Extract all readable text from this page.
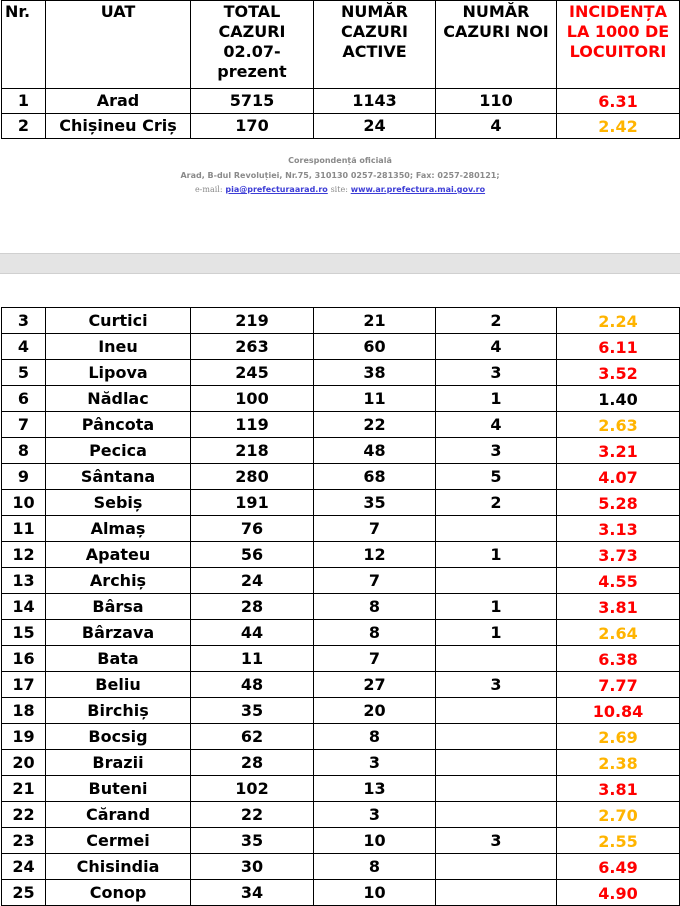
Nr.	UAT	TOTAL CAZURI 02.07-prezent	NUMĂR CAZURI ACTIVE	NUMĂR CAZURI NOI	INCIDENȚA LA 1000 DE LOCUITORI
1	Arad	5715	1143	110	6.31
2	Chișineu Criș	170	24	4	2.42
Corespondență oficială
Arad, B-dul Revoluției, Nr.75, 310130 0257-281350; Fax: 0257-280121;
e-mail: pia@prefecturaarad.ro site: www.ar.prefectura.mai.gov.ro
3	Curtici	219	21	2	2.24
4	Ineu	263	60	4	6.11
5	Lipova	245	38	3	3.52
6	Nădlac	100	11	1	1.40
7	Pâncota	119	22	4	2.63
8	Pecica	218	48	3	3.21
9	Sântana	280	68	5	4.07
10	Sebiș	191	35	2	5.28
11	Almaș	76	7		3.13
12	Apateu	56	12	1	3.73
13	Archiș	24	7		4.55
14	Bârsa	28	8	1	3.81
15	Bârzava	44	8	1	2.64
16	Bata	11	7		6.38
17	Beliu	48	27	3	7.77
18	Birchiș	35	20		10.84
19	Bocsig	62	8		2.69
20	Brazii	28	3		2.38
21	Buteni	102	13		3.81
22	Cărand	22	3		2.70
23	Cermei	35	10	3	2.55
24	Chisindia	30	8		6.49
25	Conop	34	10		4.90
